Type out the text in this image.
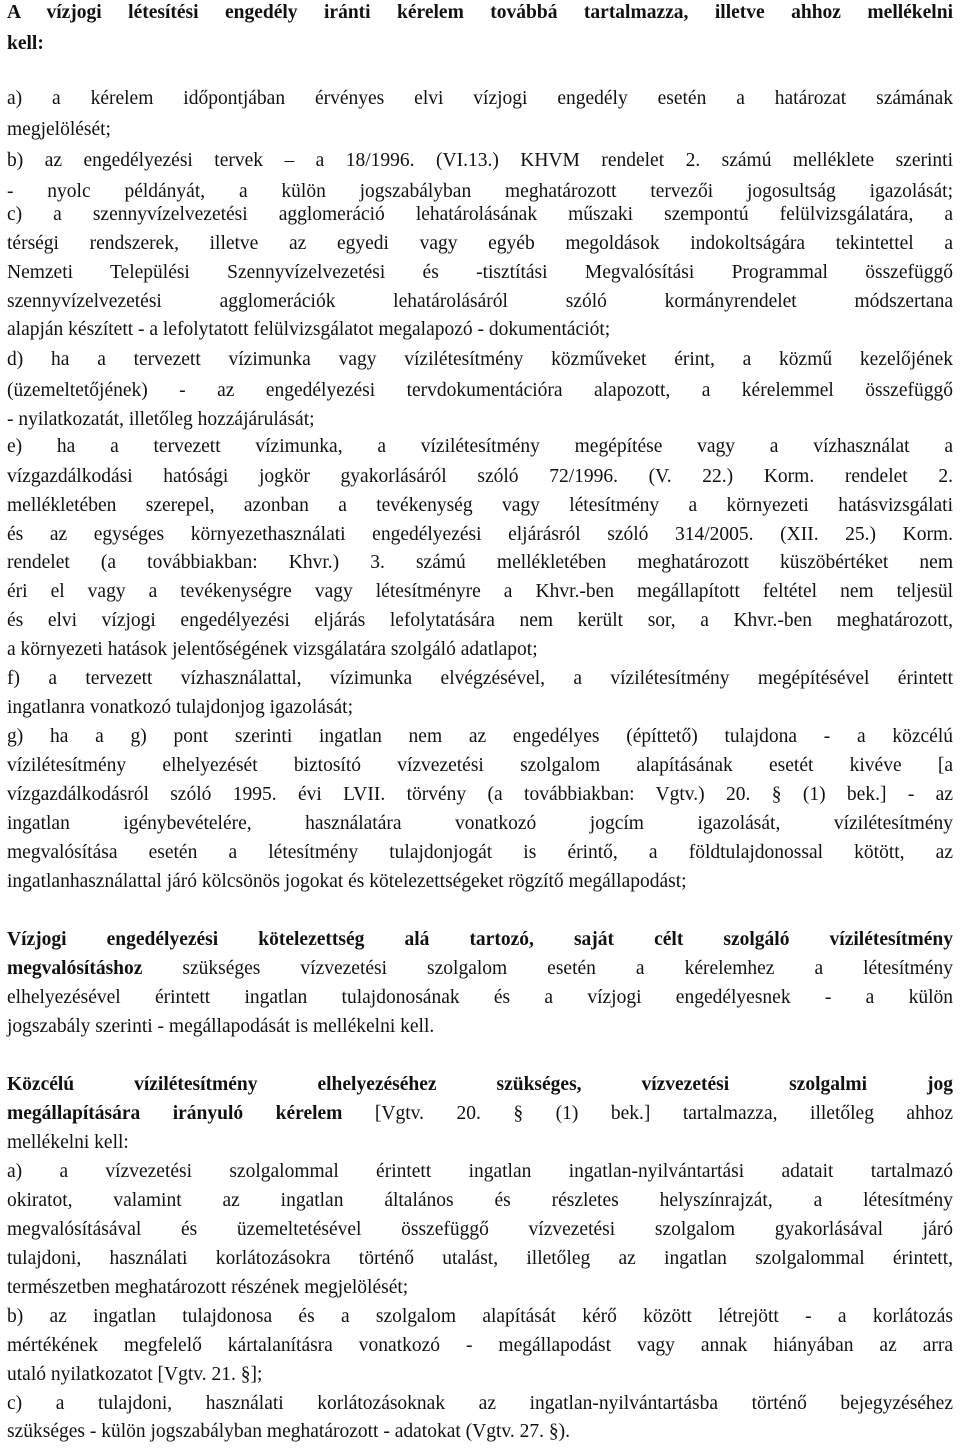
A vízjogi létesítési engedély iránti kérelem továbbá tartalmazza, illetve ahhoz mellékelni
kell:
a) a kérelem időpontjában érvényes elvi vízjogi engedély esetén a határozat számának
megjelölését;
b) az engedélyezési tervek – a 18/1996. (VI.13.) KHVM rendelet 2. számú melléklete szerinti
- nyolc példányát, a külön jogszabályban meghatározott tervezői jogosultság igazolását;
c) a szennyvízelvezetési agglomeráció lehatárolásának műszaki szempontú felülvizsgálatára, a
térségi rendszerek, illetve az egyedi vagy egyéb megoldások indokoltságára tekintettel a
Nemzeti Települési Szennyvízelvezetési és -tisztítási Megvalósítási Programmal összefüggő
szennyvízelvezetési agglomerációk lehatárolásáról szóló kormányrendelet módszertana
alapján készített - a lefolytatott felülvizsgálatot megalapozó - dokumentációt;
d) ha a tervezett vízimunka vagy vízilétesítmény közműveket érint, a közmű kezelőjének
(üzemeltetőjének) - az engedélyezési tervdokumentációra alapozott, a kérelemmel összefüggő
- nyilatkozatát, illetőleg hozzájárulását;
e) ha a tervezett vízimunka, a vízilétesítmény megépítése vagy a vízhasználat a
vízgazdálkodási hatósági jogkör gyakorlásáról szóló 72/1996. (V. 22.) Korm. rendelet 2.
mellékletében szerepel, azonban a tevékenység vagy létesítmény a környezeti hatásvizsgálati
és az egységes környezethasználati engedélyezési eljárásról szóló 314/2005. (XII. 25.) Korm.
rendelet (a továbbiakban: Khvr.) 3. számú mellékletében meghatározott küszöbértéket nem
éri el vagy a tevékenységre vagy létesítményre a Khvr.-ben megállapított feltétel nem teljesül
és elvi vízjogi engedélyezési eljárás lefolytatására nem került sor, a Khvr.-ben meghatározott,
a környezeti hatások jelentőségének vizsgálatára szolgáló adatlapot;
f) a tervezett vízhasználattal, vízimunka elvégzésével, a vízilétesítmény megépítésével érintett
ingatlanra vonatkozó tulajdonjog igazolását;
g) ha a g) pont szerinti ingatlan nem az engedélyes (építtető) tulajdona - a közcélú
vízilétesítmény elhelyezését biztosító vízvezetési szolgalom alapításának esetét kivéve [a
vízgazdálkodásról szóló 1995. évi LVII. törvény (a továbbiakban: Vgtv.) 20. § (1) bek.] - az
ingatlan igénybevételére, használatára vonatkozó jogcím igazolását, vízilétesítmény
megvalósítása esetén a létesítmény tulajdonjogát is érintő, a földtulajdonossal kötött, az
ingatlanhasználattal járó kölcsönös jogokat és kötelezettségeket rögzítő megállapodást;
Vízjogi engedélyezési kötelezettség alá tartozó, saját célt szolgáló vízilétesítmény
megvalósításhoz szükséges vízvezetési szolgalom esetén a kérelemhez a létesítmény
elhelyezésével érintett ingatlan tulajdonosának és a vízjogi engedélyesnek - a külön
jogszabály szerinti - megállapodását is mellékelni kell.
Közcélú vízilétesítmény elhelyezéséhez szükséges, vízvezetési szolgalmi jog
megállapítására irányuló kérelem [Vgtv. 20. § (1) bek.] tartalmazza, illetőleg ahhoz
mellékelni kell:
a) a vízvezetési szolgalommal érintett ingatlan ingatlan-nyilvántartási adatait tartalmazó
okiratot, valamint az ingatlan általános és részletes helyszínrajzát, a létesítmény
megvalósításával és üzemeltetésével összefüggő vízvezetési szolgalom gyakorlásával járó
tulajdoni, használati korlátozásokra történő utalást, illetőleg az ingatlan szolgalommal érintett,
természetben meghatározott részének megjelölését;
b) az ingatlan tulajdonosa és a szolgalom alapítását kérő között létrejött - a korlátozás
mértékének megfelelő kártalanításra vonatkozó - megállapodást vagy annak hiányában az arra
utaló nyilatkozatot [Vgtv. 21. §];
c) a tulajdoni, használati korlátozásoknak az ingatlan-nyilvántartásba történő bejegyzéséhez
szükséges - külön jogszabályban meghatározott - adatokat (Vgtv. 27. §).
